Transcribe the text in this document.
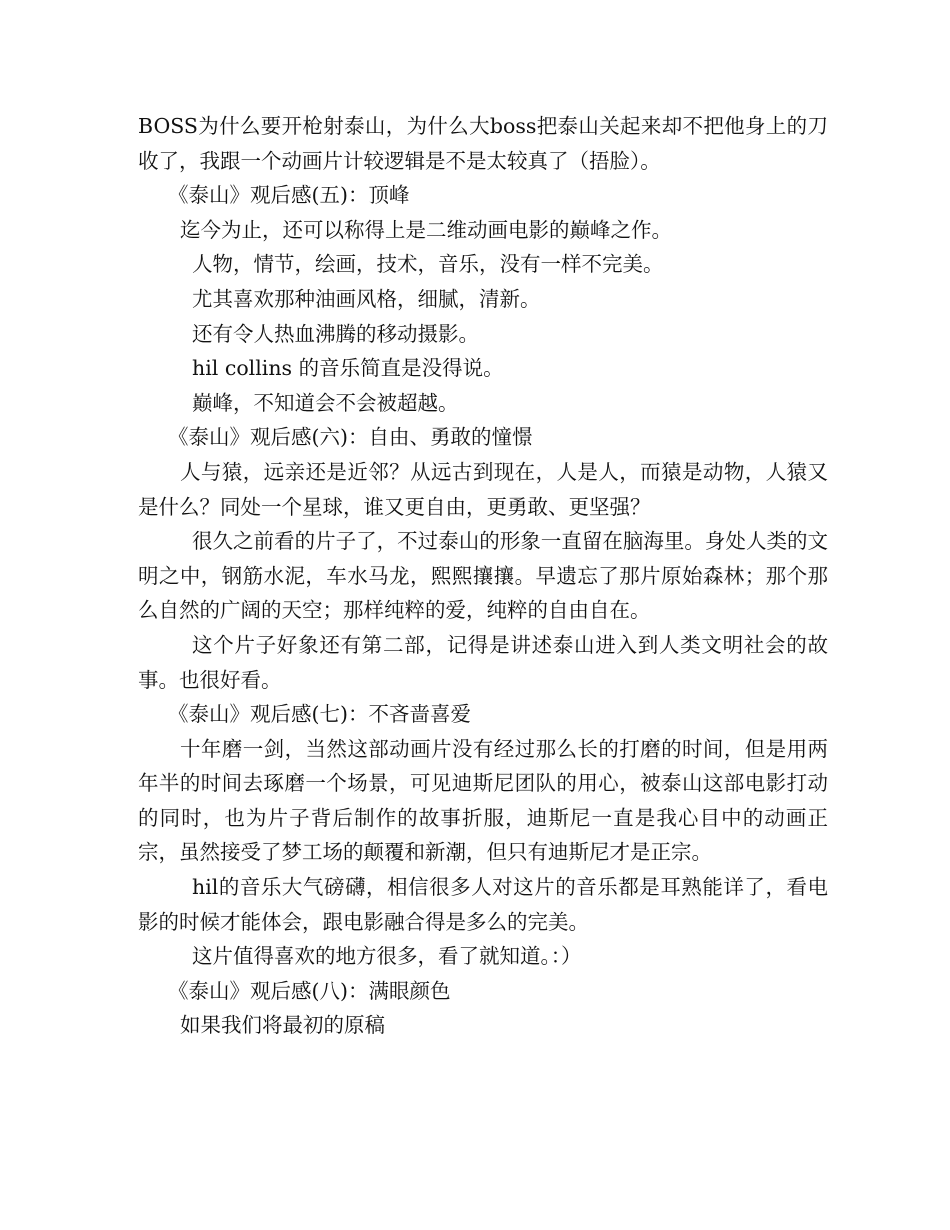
BOSS为什么要开枪射泰山，为什么大boss把泰山关起来却不把他身上的刀收了，我跟一个动画片计较逻辑是不是太较真了（捂脸）。

《泰山》观后感(五)：顶峰

迄今为止，还可以称得上是二维动画电影的巅峰之作。

人物，情节，绘画，技术，音乐，没有一样不完美。

尤其喜欢那种油画风格，细腻，清新。

还有令人热血沸腾的移动摄影。

hil collins 的音乐简直是没得说。

巅峰，不知道会不会被超越。

《泰山》观后感(六)：自由、勇敢的憧憬

人与猿，远亲还是近邻？从远古到现在，人是人，而猿是动物，人猿又是什么？同处一个星球，谁又更自由，更勇敢、更坚强？

很久之前看的片子了，不过泰山的形象一直留在脑海里。身处人类的文明之中，钢筋水泥，车水马龙，熙熙攘攘。早遗忘了那片原始森林；那个那么自然的广阔的天空；那样纯粹的爱，纯粹的自由自在。

这个片子好象还有第二部，记得是讲述泰山进入到人类文明社会的故事。也很好看。

《泰山》观后感(七)：不吝啬喜爱

十年磨一剑，当然这部动画片没有经过那么长的打磨的时间，但是用两年半的时间去琢磨一个场景，可见迪斯尼团队的用心，被泰山这部电影打动的同时，也为片子背后制作的故事折服，迪斯尼一直是我心目中的动画正宗，虽然接受了梦工场的颠覆和新潮，但只有迪斯尼才是正宗。

hil的音乐大气磅礴，相信很多人对这片的音乐都是耳熟能详了，看电影的时候才能体会，跟电影融合得是多么的完美。

这片值得喜欢的地方很多，看了就知道。：）

《泰山》观后感(八)：满眼颜色

如果我们将最初的原稿
